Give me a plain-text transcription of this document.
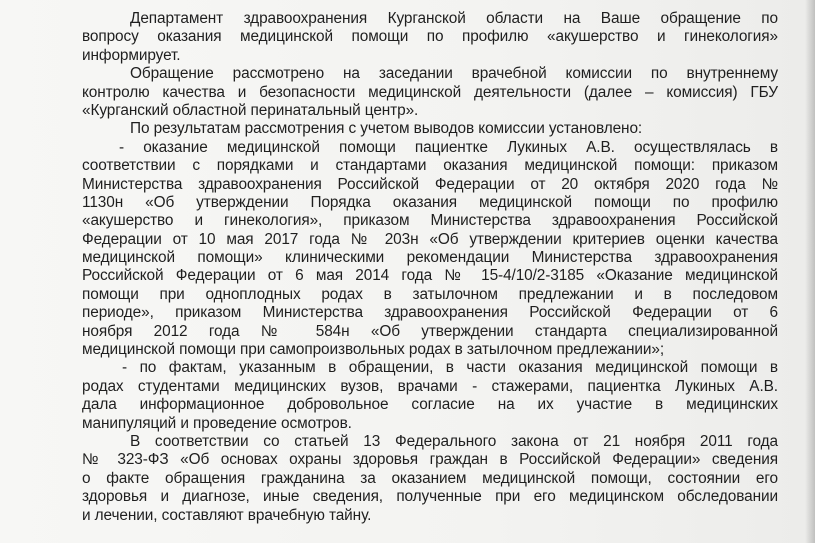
Департамент здравоохранения Курганской области на Ваше обращение по
вопросу оказания медицинской помощи по профилю «акушерство и гинекология»
информирует.
Обращение рассмотрено на заседании врачебной комиссии по внутреннему
контролю качества и безопасности медицинской деятельности (далее – комиссия) ГБУ
«Курганский областной перинатальный центр».
По результатам рассмотрения с учетом выводов комиссии установлено:
- оказание медицинской помощи пациентке Лукиных А.В. осуществлялась в
соответствии с порядками и стандартами оказания медицинской помощи: приказом
Министерства здравоохранения Российской Федерации от 20 октября 2020 года №
1130н «Об утверждении Порядка оказания медицинской помощи по профилю
«акушерство и гинекология», приказом Министерства здравоохранения Российской
Федерации от 10 мая 2017 года № 203н «Об утверждении критериев оценки качества
медицинской помощи» клиническими рекомендации Министерства здравоохранения
Российской Федерации от 6 мая 2014 года № 15-4/10/2-3185 «Оказание медицинской
помощи при одноплодных родах в затылочном предлежании и в последовом
периоде», приказом Министерства здравоохранения Российской Федерации от 6
ноября 2012 года № 584н «Об утверждении стандарта специализированной
медицинской помощи при самопроизвольных родах в затылочном предлежании»;
- по фактам, указанным в обращении, в части оказания медицинской помощи в
родах студентами медицинских вузов, врачами - стажерами, пациентка Лукиных А.В.
дала информационное добровольное согласие на их участие в медицинских
манипуляций и проведение осмотров.
В соответствии со статьей 13 Федерального закона от 21 ноября 2011 года
№ 323-ФЗ «Об основах охраны здоровья граждан в Российской Федерации» сведения
о факте обращения гражданина за оказанием медицинской помощи, состоянии его
здоровья и диагнозе, иные сведения, полученные при его медицинском обследовании
и лечении, составляют врачебную тайну.
